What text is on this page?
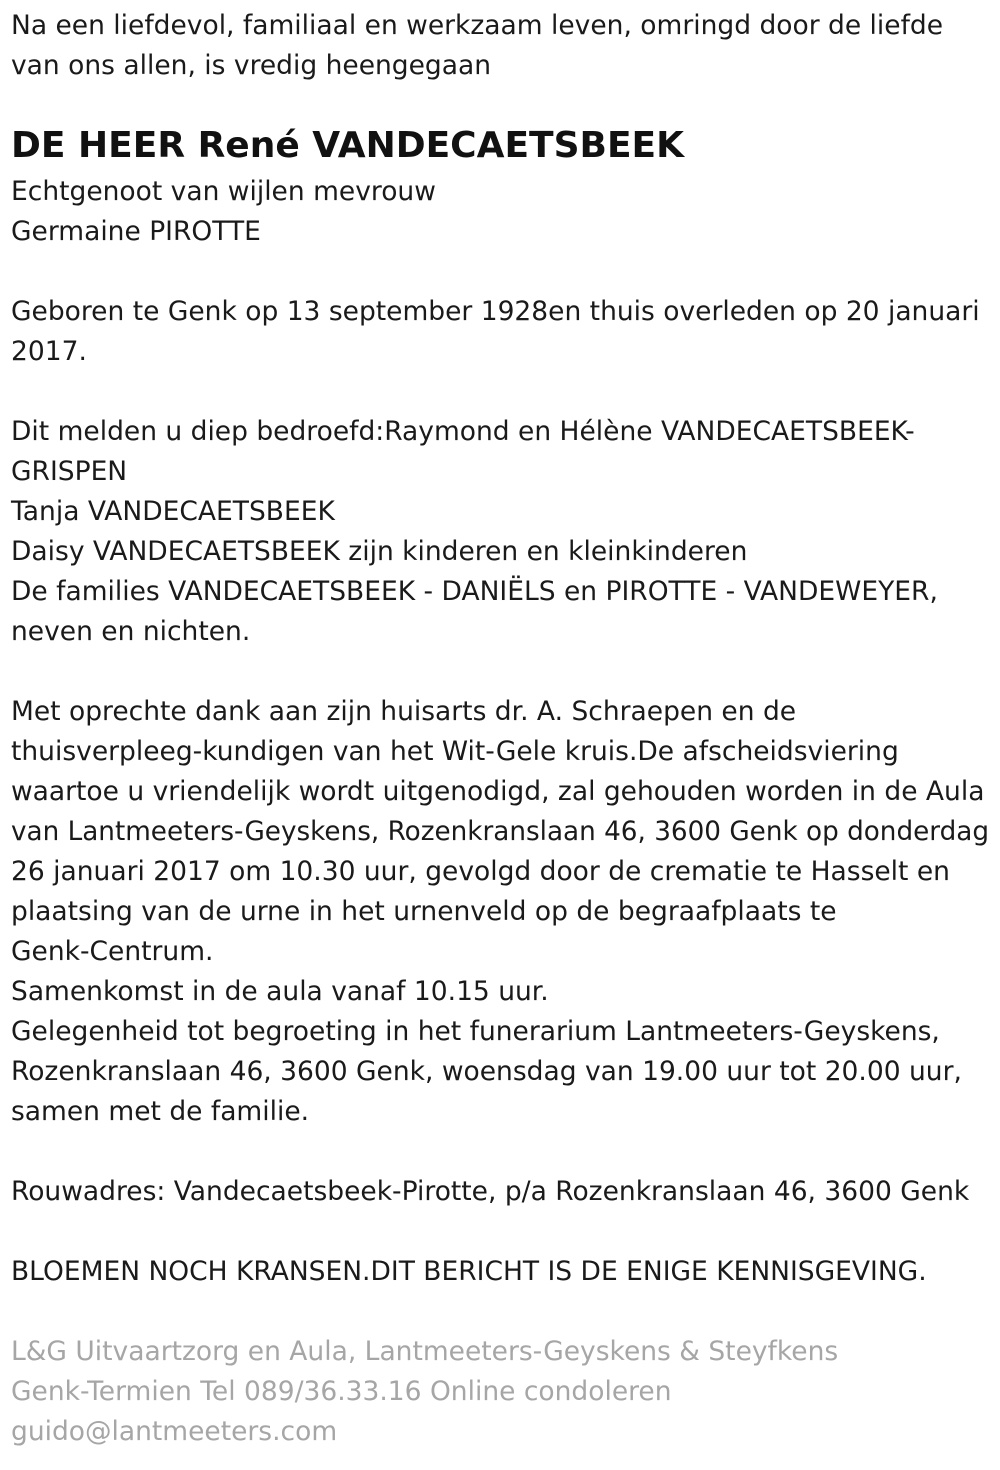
Na een liefdevol, familiaal en werkzaam leven, omringd door de liefde
van ons allen, is vredig heengegaan
DE HEER René VANDECAETSBEEK
Echtgenoot van wijlen mevrouw
Germaine PIROTTE
Geboren te Genk op 13 september 1928en thuis overleden op 20 januari
2017.
Dit melden u diep bedroefd:Raymond en Hélène VANDECAETSBEEK-
GRISPEN
Tanja VANDECAETSBEEK
Daisy VANDECAETSBEEK zijn kinderen en kleinkinderen
De families VANDECAETSBEEK - DANIËLS en PIROTTE - VANDEWEYER,
neven en nichten.
Met oprechte dank aan zijn huisarts dr. A. Schraepen en de
thuisverpleeg-kundigen van het Wit-Gele kruis.De afscheidsviering
waartoe u vriendelijk wordt uitgenodigd, zal gehouden worden in de Aula
van Lantmeeters-Geyskens, Rozenkranslaan 46, 3600 Genk op donderdag
26 januari 2017 om 10.30 uur, gevolgd door de crematie te Hasselt en
plaatsing van de urne in het urnenveld op de begraafplaats te
Genk-Centrum.
Samenkomst in de aula vanaf 10.15 uur.
Gelegenheid tot begroeting in het funerarium Lantmeeters-Geyskens,
Rozenkranslaan 46, 3600 Genk, woensdag van 19.00 uur tot 20.00 uur,
samen met de familie.
Rouwadres: Vandecaetsbeek-Pirotte, p/a Rozenkranslaan 46, 3600 Genk
BLOEMEN NOCH KRANSEN.DIT BERICHT IS DE ENIGE KENNISGEVING.
L&G Uitvaartzorg en Aula, Lantmeeters-Geyskens & Steyfkens
Genk-Termien Tel 089/36.33.16 Online condoleren
guido@lantmeeters.com
